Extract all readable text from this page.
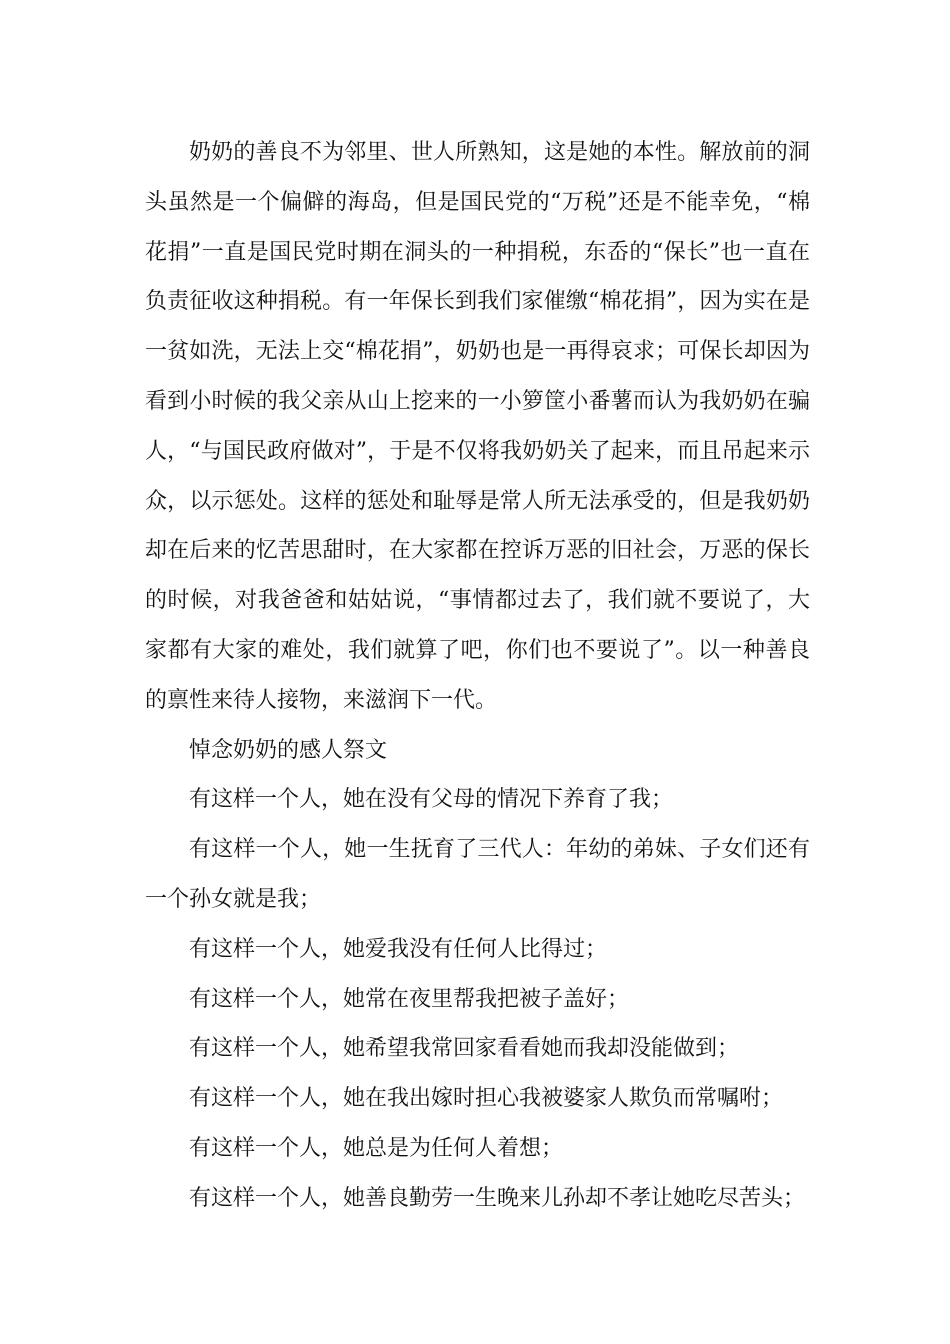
奶奶的善良不为邻里、世人所熟知，这是她的本性。解放前的洞头虽然是一个偏僻的海岛，但是国民党的“万税”还是不能幸免，“棉花捐”一直是国民党时期在洞头的一种捐税，东岙的“保长”也一直在负责征收这种捐税。有一年保长到我们家催缴“棉花捐”，因为实在是一贫如洗，无法上交“棉花捐”，奶奶也是一再得哀求；可保长却因为看到小时候的我父亲从山上挖来的一小箩筐小番薯而认为我奶奶在骗人，“与国民政府做对”，于是不仅将我奶奶关了起来，而且吊起来示众，以示惩处。这样的惩处和耻辱是常人所无法承受的，但是我奶奶却在后来的忆苦思甜时，在大家都在控诉万恶的旧社会，万恶的保长的时候，对我爸爸和姑姑说，“事情都过去了，我们就不要说了，大家都有大家的难处，我们就算了吧，你们也不要说了”。以一种善良的禀性来待人接物，来滋润下一代。

悼念奶奶的感人祭文

有这样一个人，她在没有父母的情况下养育了我；

有这样一个人，她一生抚育了三代人：年幼的弟妹、子女们还有一个孙女就是我；

有这样一个人，她爱我没有任何人比得过；

有这样一个人，她常在夜里帮我把被子盖好；

有这样一个人，她希望我常回家看看她而我却没能做到；

有这样一个人，她在我出嫁时担心我被婆家人欺负而常嘱咐；

有这样一个人，她总是为任何人着想；

有这样一个人，她善良勤劳一生晚来儿孙却不孝让她吃尽苦头；
